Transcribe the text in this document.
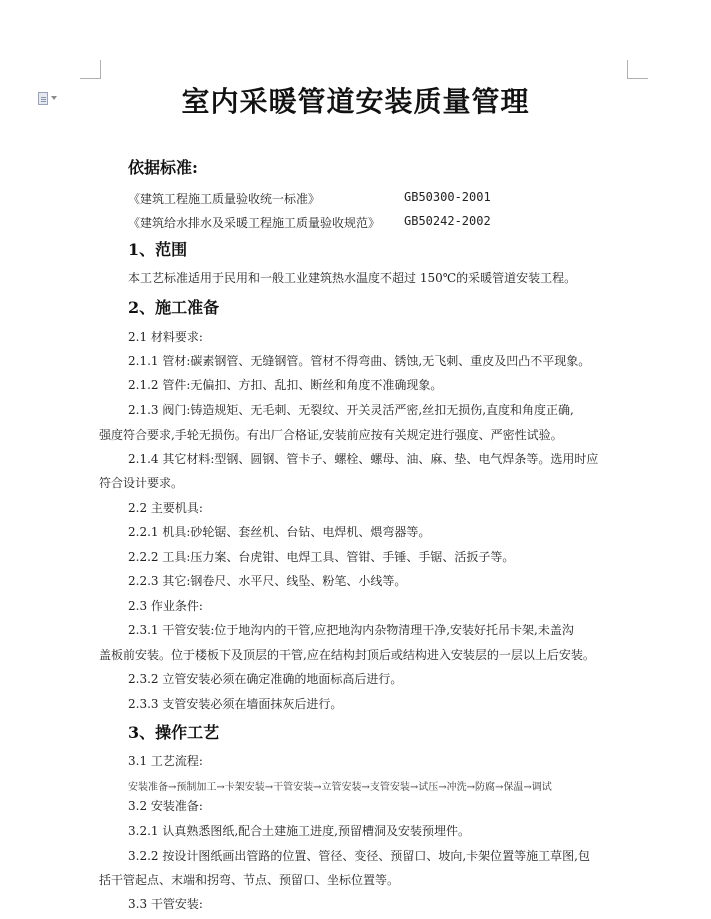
室内采暖管道安装质量管理
依据标准:
《建筑工程施工质量验收统一标准》	GB50300-2001
《建筑给水排水及采暖工程施工质量验收规范》 GB50242-2002
1、范围
本工艺标准适用于民用和一般工业建筑热水温度不超过 150℃的采暖管道安装工程。
2、施工准备
2.1 材料要求:
2.1.1 管材:碳素钢管、无缝钢管。管材不得弯曲、锈蚀,无飞刺、重皮及凹凸不平现象。
2.1.2 管件:无偏扣、方扣、乱扣、断丝和角度不准确现象。
2.1.3 阀门:铸造规矩、无毛刺、无裂纹、开关灵活严密,丝扣无损伤,直度和角度正确,
强度符合要求,手轮无损伤。有出厂合格证,安装前应按有关规定进行强度、严密性试验。
2.1.4 其它材料:型钢、圆钢、管卡子、螺栓、螺母、油、麻、垫、电气焊条等。选用时应
符合设计要求。
2.2 主要机具:
2.2.1 机具:砂轮锯、套丝机、台钻、电焊机、煨弯器等。
2.2.2 工具:压力案、台虎钳、电焊工具、管钳、手锤、手锯、活扳子等。
2.2.3 其它:钢卷尺、水平尺、线坠、粉笔、小线等。
2.3 作业条件:
2.3.1 干管安装:位于地沟内的干管,应把地沟内杂物清理干净,安装好托吊卡架,未盖沟
盖板前安装。位于楼板下及顶层的干管,应在结构封顶后或结构进入安装层的一层以上后安装。
2.3.2 立管安装必须在确定准确的地面标高后进行。
2.3.3 支管安装必须在墙面抹灰后进行。
3、操作工艺
3.1 工艺流程:
安装准备→预制加工→卡架安装→干管安装→立管安装→支管安装→试压→冲洗→防腐→保温→调试
3.2 安装准备:
3.2.1 认真熟悉图纸,配合土建施工进度,预留槽洞及安装预埋件。
3.2.2 按设计图纸画出管路的位置、管径、变径、预留口、坡向,卡架位置等施工草图,包
括干管起点、末端和拐弯、节点、预留口、坐标位置等。
3.3 干管安装:
